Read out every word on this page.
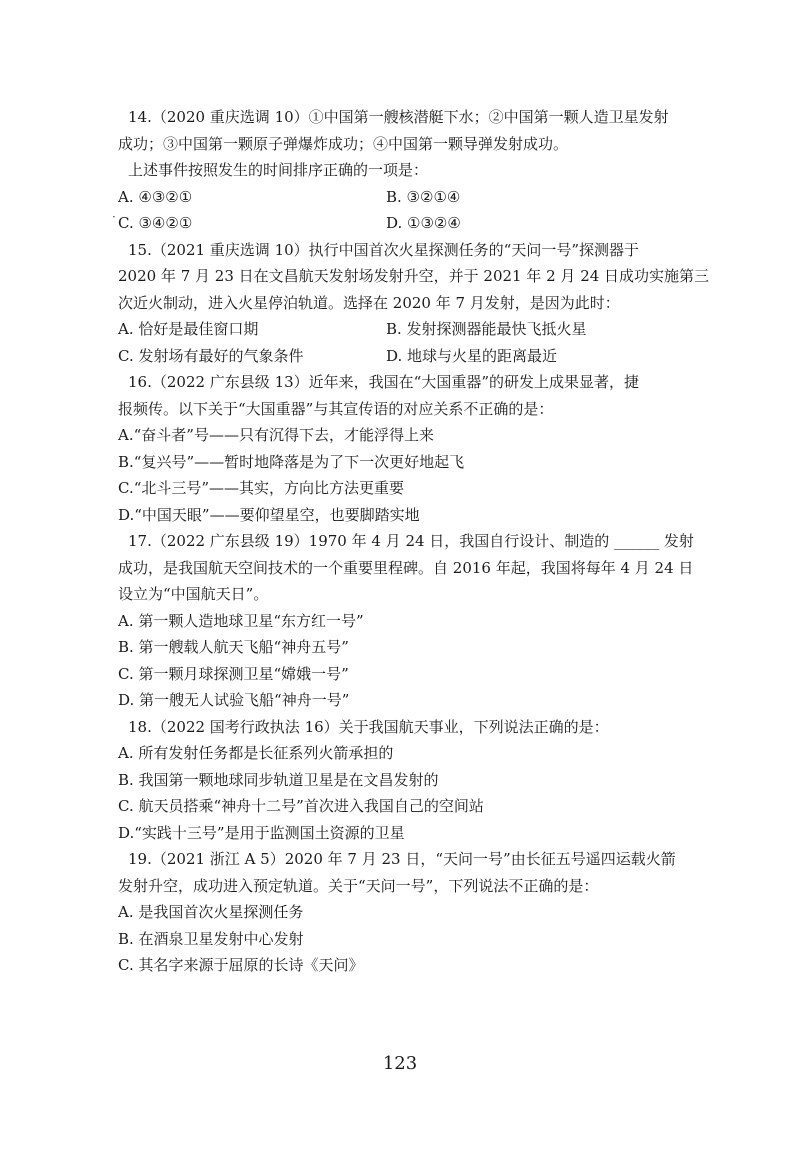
14.（2020 重庆选调 10）①中国第一艘核潜艇下水；②中国第一颗人造卫星发射

成功；③中国第一颗原子弹爆炸成功；④中国第一颗导弹发射成功。

上述事件按照发生的时间排序正确的一项是：

A. ④③②①	B. ③②①④
C. ③④②①	D. ①③②④

15.（2021 重庆选调 10）执行中国首次火星探测任务的“天问一号”探测器于

2020 年 7 月 23 日在文昌航天发射场发射升空，并于 2021 年 2 月 24 日成功实施第三

次近火制动，进入火星停泊轨道。选择在 2020 年 7 月发射，是因为此时：

A. 恰好是最佳窗口期	B. 发射探测器能最快飞抵火星
C. 发射场有最好的气象条件	D. 地球与火星的距离最近

16.（2022 广东县级 13）近年来，我国在“大国重器”的研发上成果显著，捷

报频传。以下关于“大国重器”与其宣传语的对应关系不正确的是：

A.“奋斗者”号——只有沉得下去，才能浮得上来

B.“复兴号”——暂时地降落是为了下一次更好地起飞

C.“北斗三号”——其实，方向比方法更重要

D.“中国天眼”——要仰望星空，也要脚踏实地

17.（2022 广东县级 19）1970 年 4 月 24 日，我国自行设计、制造的 ______ 发射

成功，是我国航天空间技术的一个重要里程碑。自 2016 年起，我国将每年 4 月 24 日

设立为“中国航天日”。

A. 第一颗人造地球卫星“东方红一号”

B. 第一艘载人航天飞船“神舟五号”

C. 第一颗月球探测卫星“嫦娥一号”

D. 第一艘无人试验飞船“神舟一号”

18.（2022 国考行政执法 16）关于我国航天事业，下列说法正确的是：

A. 所有发射任务都是长征系列火箭承担的

B. 我国第一颗地球同步轨道卫星是在文昌发射的

C. 航天员搭乘“神舟十二号”首次进入我国自己的空间站

D.“实践十三号”是用于监测国土资源的卫星

19.（2021 浙江 A 5）2020 年 7 月 23 日，“天问一号”由长征五号遥四运载火箭

发射升空，成功进入预定轨道。关于“天问一号”，下列说法不正确的是：

A. 是我国首次火星探测任务

B. 在酒泉卫星发射中心发射

C. 其名字来源于屈原的长诗《天问》

·
123
